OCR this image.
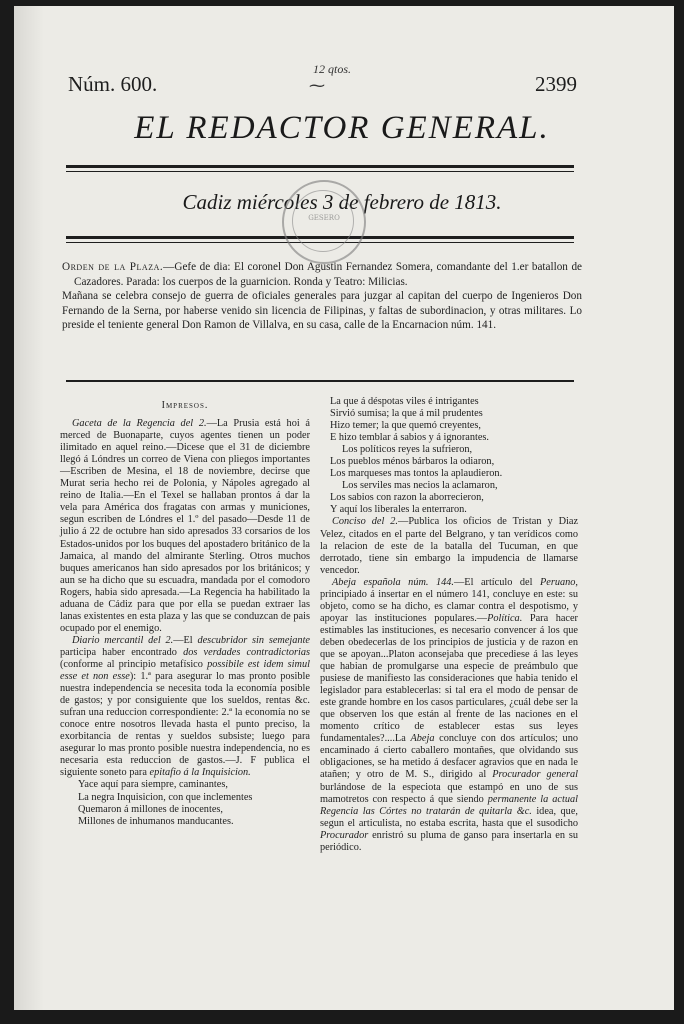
Núm. 600.
12 qtos.
⁓	2399
EL REDACTOR GENERAL.
Cadiz miércoles 3 de febrero de 1813.
GESERO

Orden de la Plaza.—Gefe de dia: El coronel Don Agustin Fernandez Somera, comandante del 1.er batallon de Cazadores. Parada: los cuerpos de la guarnicion. Ronda y Teatro: Milicias.

Mañana se celebra consejo de guerra de oficiales generales para juzgar al capitan del cuerpo de Ingenieros Don Fernando de la Serna, por haberse venido sin licencia de Filipinas, y faltas de subordinacion, y otras militares. Lo preside el teniente general Don Ramon de Villalva, en su casa, calle de la Encarnacion núm. 141.

Impresos.

Gaceta de la Regencia del 2.—La Prusia está hoi á merced de Buonaparte, cuyos agentes tienen un poder ilimitado en aquel reino.—Dicese que el 31 de diciembre llegó á Lóndres un correo de Viena con pliegos importantes—Escriben de Mesina, el 18 de noviembre, decirse que Murat seria hecho rei de Polonia, y Nápoles agregado al reino de Italia.—En el Texel se hallaban prontos á dar la vela para América dos fragatas con armas y municiones, segun escriben de Lóndres el 1.º del pasado—Desde 11 de julio á 22 de octubre han sido apresados 33 corsarios de los Estados-unidos por los buques del apostadero británico de la Jamaica, al mando del almirante Sterling. Otros muchos buques americanos han sido apresados por los británicos; y aun se ha dicho que su escuadra, mandada por el comodoro Rogers, habia sido apresada.—La Regencia ha habilitado la aduana de Cádiz para que por ella se puedan extraer las lanas existentes en esta plaza y las que se conduzcan de pais ocupado por el enemigo.

Diario mercantil del 2.—El descubridor sin semejante participa haber encontrado dos verdades contradictorias (conforme al principio metafísico possibile est idem simul esse et non esse): 1.ª para asegurar lo mas pronto posible nuestra independencia se necesita toda la economía posible de gastos; y por consiguiente que los sueldos, rentas &c. sufran una reduccion correspondiente: 2.ª la economía no se conoce entre nosotros llevada hasta el punto preciso, la exorbitancia de rentas y sueldos subsiste; luego para asegurar lo mas pronto posible nuestra independencia, no es necesaria esta reduccion de gastos.—J. F publica el siguiente soneto para epitafio á la Inquisicion.

Yace aquí para siempre, caminantes,
La negra Inquisicion, con que inclementes
Quemaron á millones de inocentes,
Millones de inhumanos manducantes.
La que á déspotas viles é intrigantes
Sirvió sumisa; la que á mil prudentes
Hizo temer; la que quemó creyentes,
E hizo temblar á sabios y á ignorantes.
Los políticos reyes la sufrieron,
Los pueblos ménos bárbaros la odiaron,
Los marqueses mas tontos la aplaudieron.
Los serviles mas necios la aclamaron,
Los sabios con razon la aborrecieron,
Y aquí los liberales la enterraron.

Conciso del 2.—Publica los oficios de Tristan y Diaz Velez, citados en el parte del Belgrano, y tan verídicos como la relacion de este de la batalla del Tucuman, en que derrotado, tiene sin embargo la impudencia de llamarse vencedor.

Abeja española núm. 144.—El artículo del Peruano, principiado á insertar en el número 141, concluye en este: su objeto, como se ha dicho, es clamar contra el despotismo, y apoyar las instituciones populares.—Política. Para hacer estimables las instituciones, es necesario convencer á los que deben obedecerlas de los principios de justicia y de razon en que se apoyan...Platon aconsejaba que precediese á las leyes que habian de promulgarse una especie de preámbulo que pusiese de manifiesto las consideraciones que habia tenido el legislador para establecerlas: si tal era el modo de pensar de este grande hombre en los casos particulares, ¿cuál debe ser la que observen los que están al frente de las naciones en el momento crítico de establecer estas sus leyes fundamentales?....La Abeja concluye con dos artículos; uno encaminado á cierto caballero montañes, que olvidando sus obligaciones, se ha metido á desfacer agravios que en nada le atañen; y otro de M. S., dirigido al Procurador general burlándose de la especiota que estampó en uno de sus mamotretos con respecto á que siendo permanente la actual Regencia las Córtes no tratarán de quitarla &c. idea, que, segun el articulista, no estaba escrita, hasta que el susodicho Procurador enristró su pluma de ganso para insertarla en su periódico.
